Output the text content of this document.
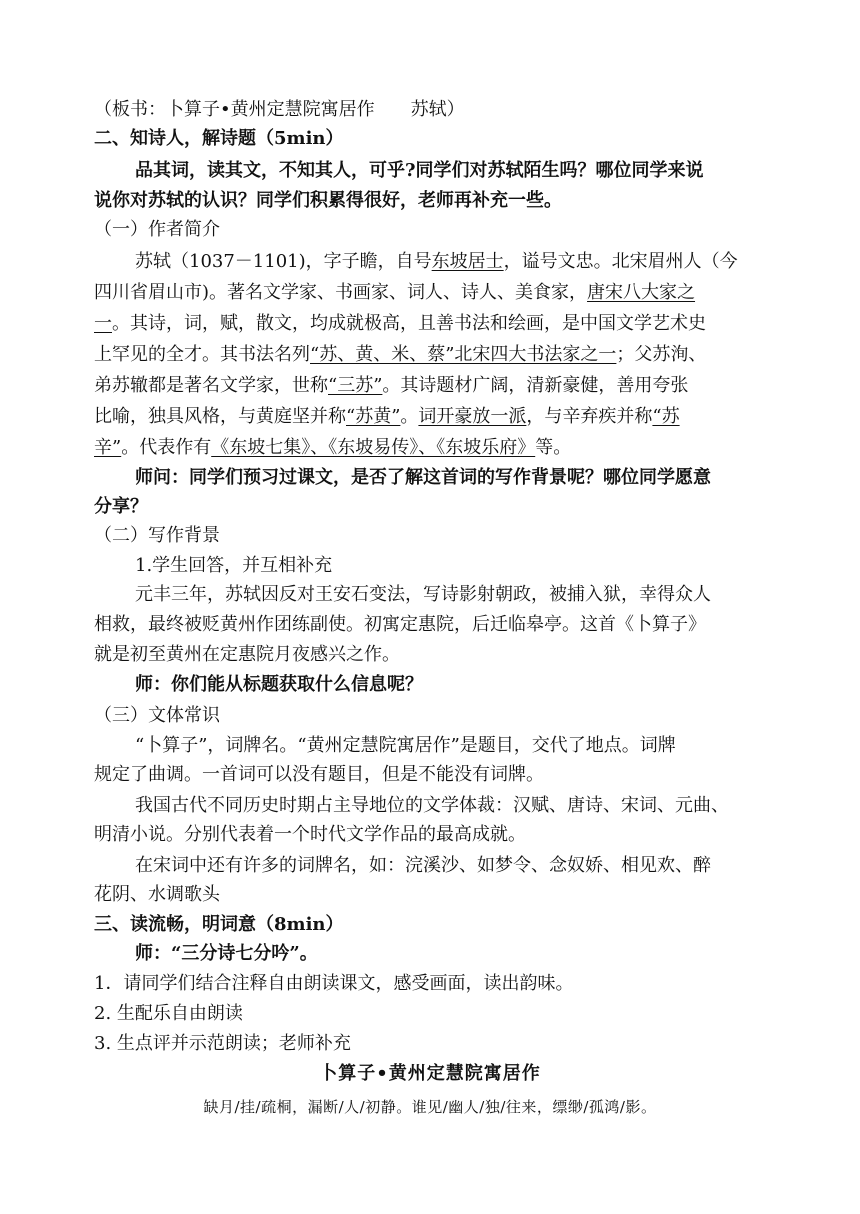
（板书：卜算子•黄州定慧院寓居作　　苏轼）
二、知诗人，解诗题（5min）
品其词，读其文，不知其人，可乎?同学们对苏轼陌生吗？哪位同学来说
说你对苏轼的认识？同学们积累得很好，老师再补充一些。
（一）作者简介
苏轼（1037－1101)，字子瞻，自号东坡居士，谥号文忠。北宋眉州人（今
四川省眉山市)。著名文学家、书画家、词人、诗人、美食家，唐宋八大家之
一。其诗，词，赋，散文，均成就极高，且善书法和绘画，是中国文学艺术史
上罕见的全才。其书法名列“苏、黄、米、蔡”北宋四大书法家之一；父苏洵、
弟苏辙都是著名文学家，世称“三苏”。其诗题材广阔，清新豪健，善用夸张
比喻，独具风格，与黄庭坚并称“苏黄”。词开豪放一派，与辛弃疾并称“苏
辛”。代表作有《东坡七集》、《东坡易传》、《东坡乐府》等。
师问：同学们预习过课文，是否了解这首词的写作背景呢？哪位同学愿意
分享？
（二）写作背景
1.学生回答，并互相补充
元丰三年，苏轼因反对王安石变法，写诗影射朝政，被捕入狱，幸得众人
相救，最终被贬黄州作团练副使。初寓定惠院，后迁临皋亭。这首《卜算子》
就是初至黄州在定惠院月夜感兴之作。
师：你们能从标题获取什么信息呢？
（三）文体常识
“卜算子”，词牌名。“黄州定慧院寓居作”是题目，交代了地点。词牌
规定了曲调。一首词可以没有题目，但是不能没有词牌。
我国古代不同历史时期占主导地位的文学体裁：汉赋、唐诗、宋词、元曲、
明清小说。分别代表着一个时代文学作品的最高成就。
在宋词中还有许多的词牌名，如：浣溪沙、如梦令、念奴娇、相见欢、醉
花阴、水调歌头
三、读流畅，明词意（8min）
师：“三分诗七分吟”。
1．请同学们结合注释自由朗读课文，感受画面，读出韵味。
2. 生配乐自由朗读
3. 生点评并示范朗读；老师补充
卜算子•黄州定慧院寓居作
缺月/挂/疏桐，漏断/人/初静。谁见/幽人/独/往来，缥缈/孤鸿/影。
